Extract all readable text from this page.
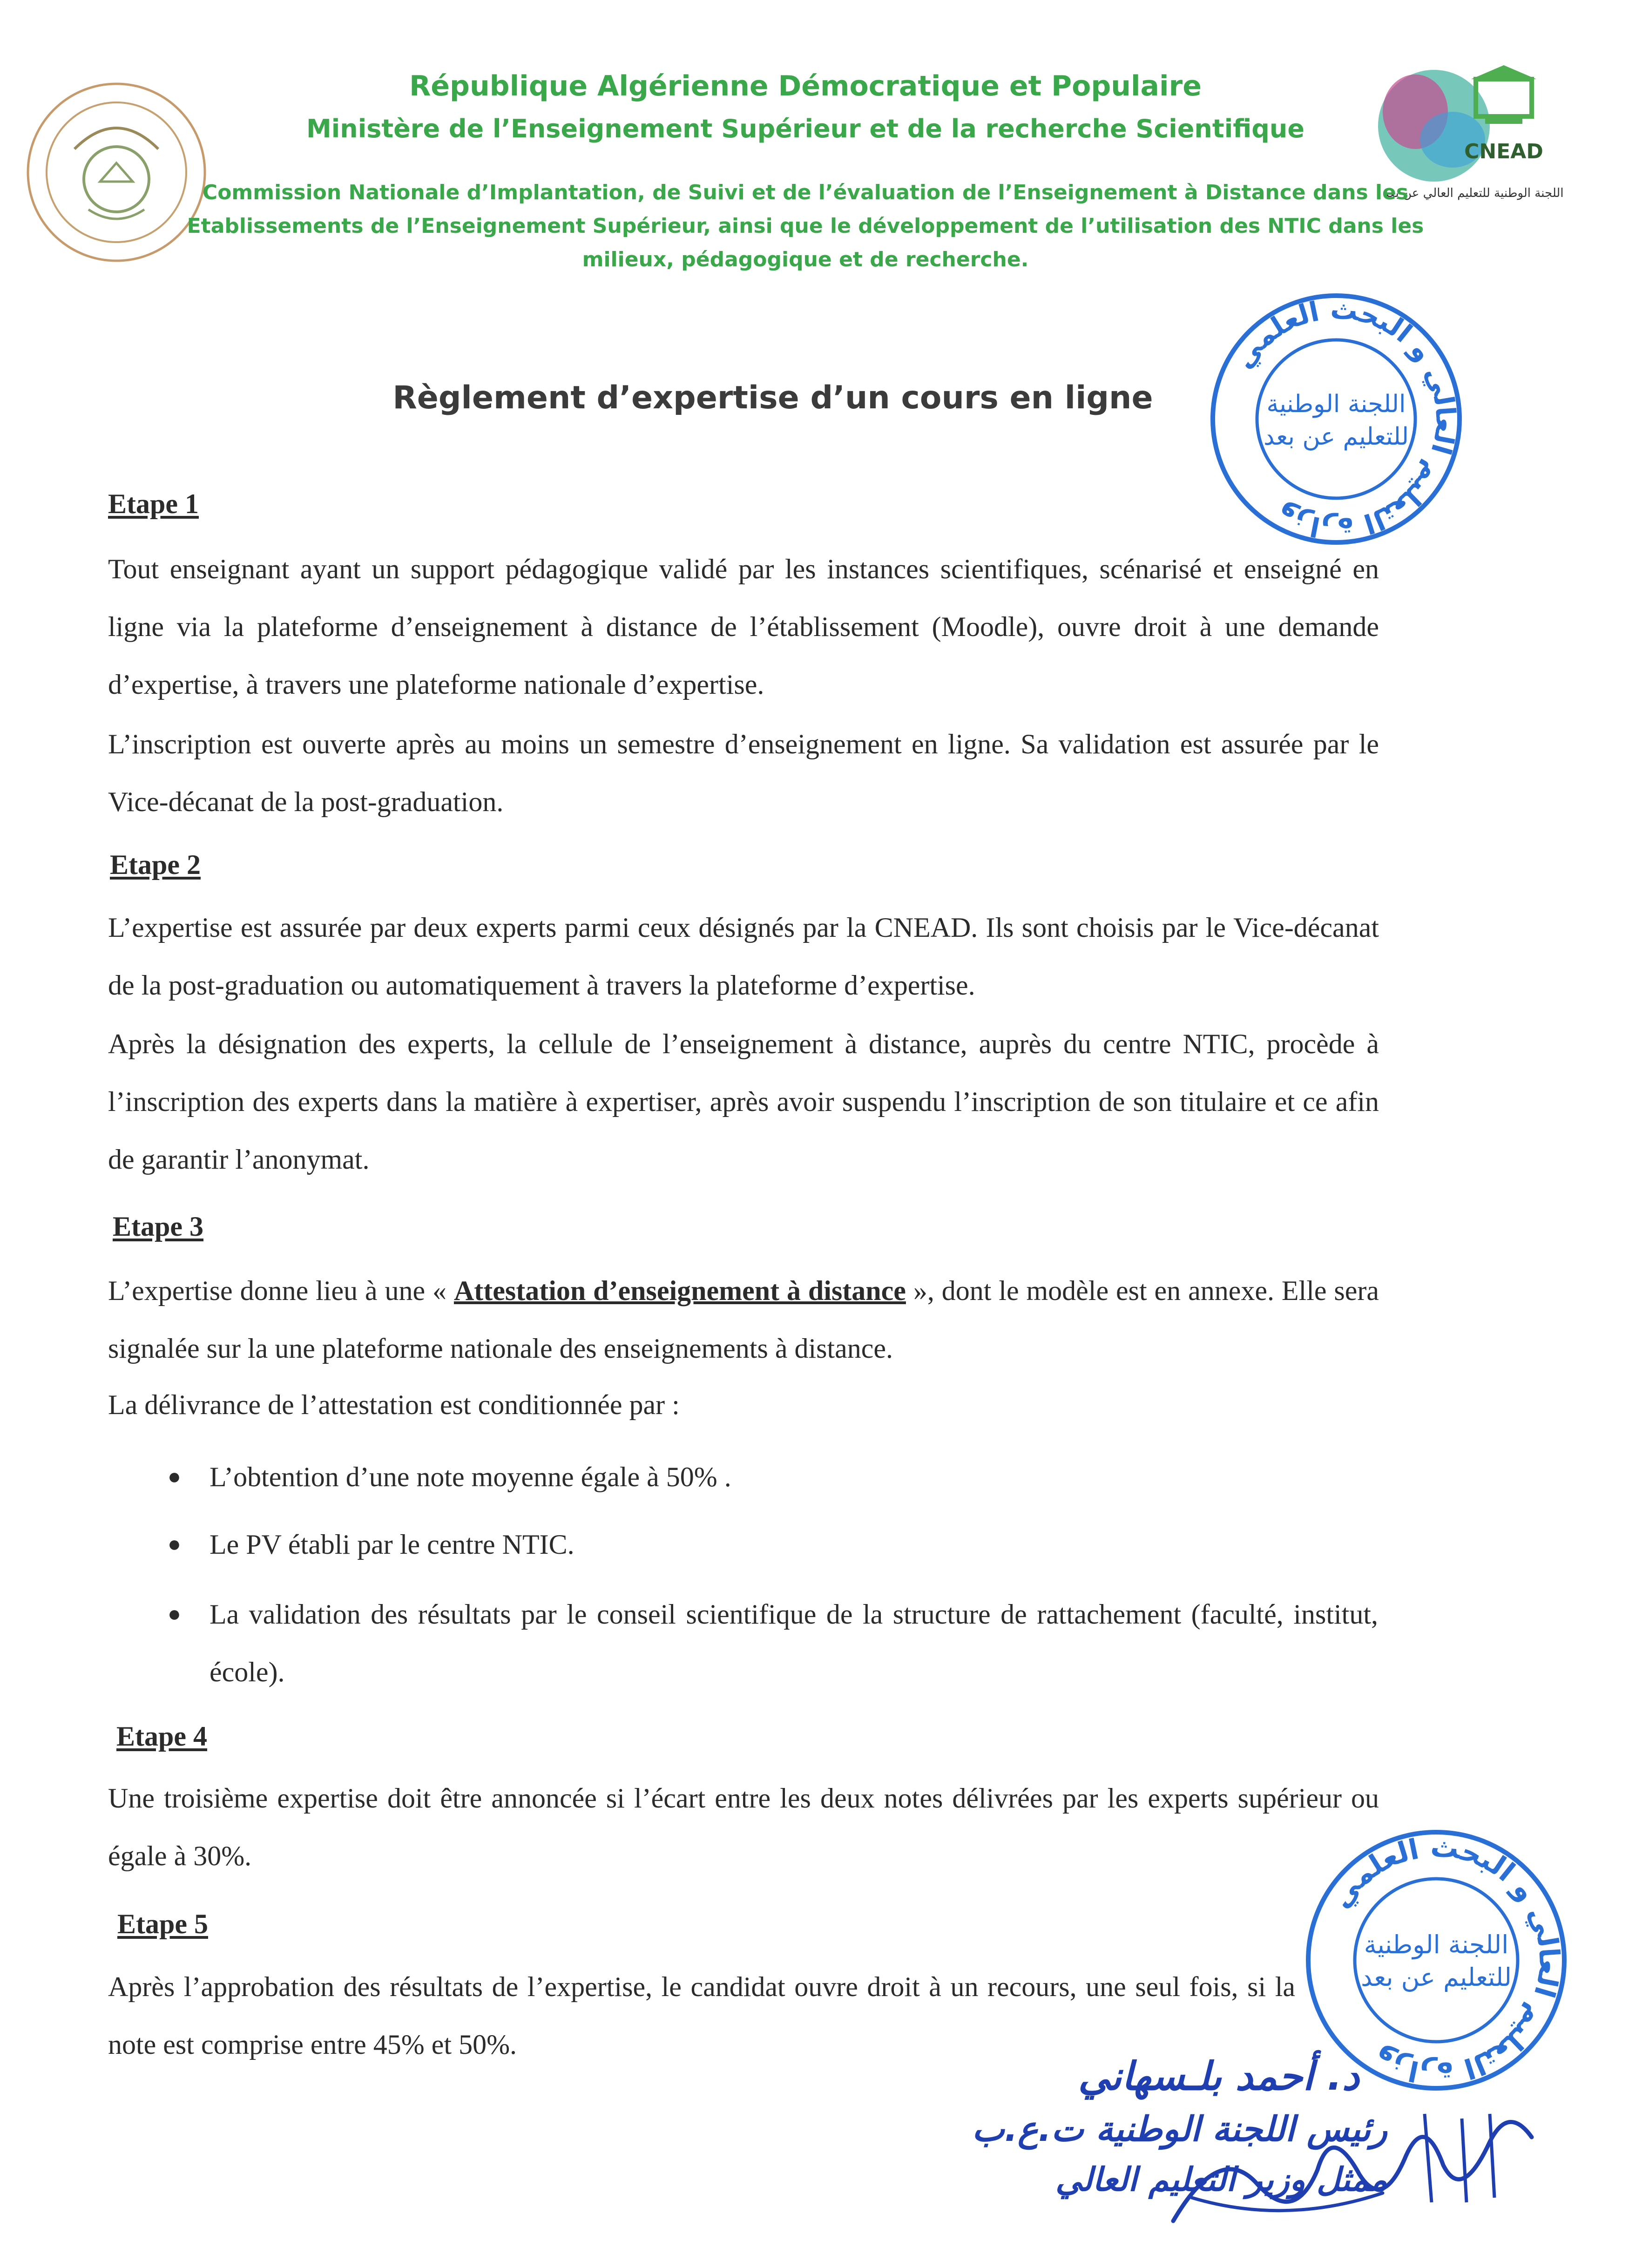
CNEAD
اللجنة الوطنية للتعليم العالي عن بعد
République Algérienne Démocratique et Populaire
Ministère de l’Enseignement Supérieur et de la recherche Scientifique
Commission Nationale d’Implantation, de Suivi et de l’évaluation de l’Enseignement à Distance dans les Etablissements de l’Enseignement Supérieur, ainsi que le développement de l’utilisation des NTIC dans les milieux, pédagogique et de recherche.
Règlement d’expertise d’un cours en ligne
وزارة التعليم العالي و البحث العلمي
اللجنة الوطنية
للتعليم عن بعد
Etape 1
Tout enseignant ayant un support pédagogique validé par les instances scientifiques, scénarisé et enseigné en ligne via la plateforme d’enseignement à distance de l’établissement (Moodle), ouvre droit à une demande d’expertise, à travers une plateforme nationale d’expertise.
L’inscription est ouverte après au moins un semestre d’enseignement en ligne. Sa validation est assurée par le Vice-décanat de la post-graduation.
Etape 2
L’expertise est assurée par deux experts parmi ceux désignés par la CNEAD. Ils sont choisis par le Vice-décanat de la post-graduation ou automatiquement à travers la plateforme d’expertise.
Après la désignation des experts, la cellule de l’enseignement à distance, auprès du centre NTIC, procède à l’inscription des experts dans la matière à expertiser, après avoir suspendu l’inscription de son titulaire et ce afin de garantir l’anonymat.
Etape 3
L’expertise donne lieu à une « Attestation d’enseignement à distance », dont le modèle est en annexe. Elle sera signalée sur la une plateforme nationale des enseignements à distance.
La délivrance de l’attestation est conditionnée par :
● L’obtention d’une note moyenne égale à 50% .
● Le PV établi par le centre NTIC.
● La validation des résultats par le conseil scientifique de la structure de rattachement (faculté, institut, école).
Etape 4
Une troisième expertise doit être annoncée si l’écart entre les deux notes délivrées par les experts supérieur ou égale à 30%.
Etape 5
Après l’approbation des résultats de l’expertise, le candidat ouvre droit à un recours, une seul fois, si la note est comprise entre 45% et 50%.
وزارة التعليم العالي و البحث العلمي
اللجنة الوطنية
للتعليم عن بعد
د. أحمد بلـسهاني
رئيس اللجنة الوطنية ت.ع.ب
ممثل وزير التعليم العالي
